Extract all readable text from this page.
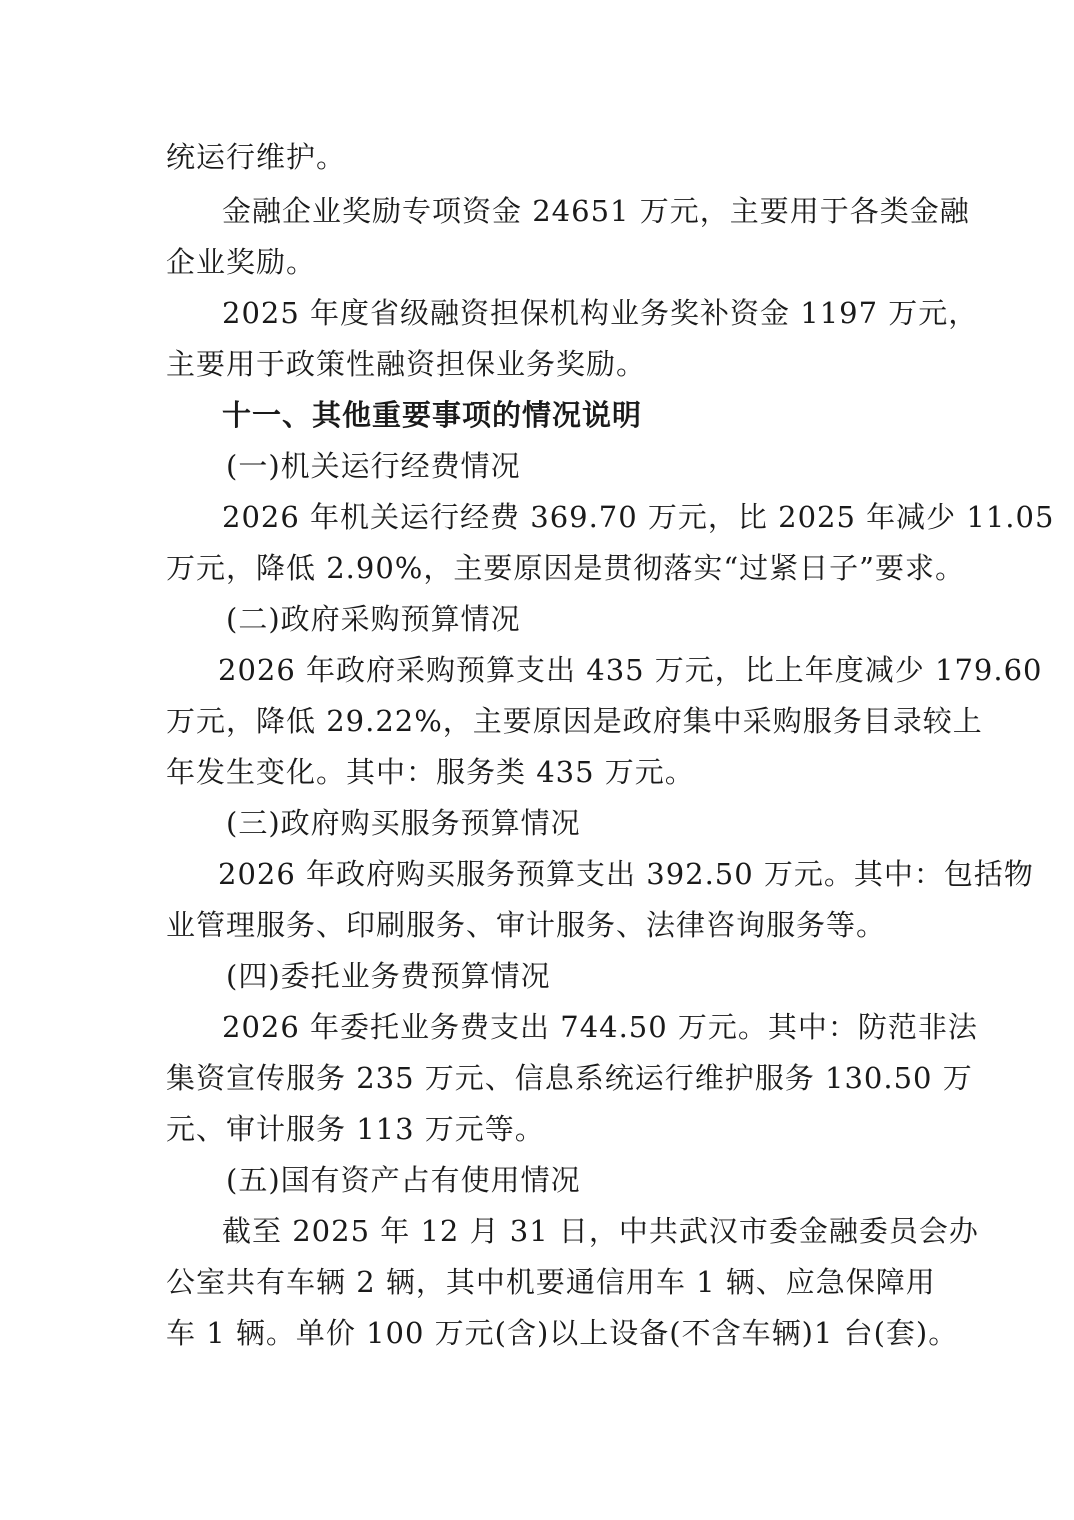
统运行维护。
金融企业奖励专项资金 24651 万元，主要用于各类金融
企业奖励。
2025 年度省级融资担保机构业务奖补资金 1197 万元，
主要用于政策性融资担保业务奖励。
十一、其他重要事项的情况说明
(一)机关运行经费情况
2026 年机关运行经费 369.70 万元，比 2025 年减少 11.05
万元，降低 2.90%，主要原因是贯彻落实“过紧日子”要求。
(二)政府采购预算情况
2026 年政府采购预算支出 435 万元，比上年度减少 179.60
万元，降低 29.22%，主要原因是政府集中采购服务目录较上
年发生变化。其中：服务类 435 万元。
(三)政府购买服务预算情况
2026 年政府购买服务预算支出 392.50 万元。其中：包括物
业管理服务、印刷服务、审计服务、法律咨询服务等。
(四)委托业务费预算情况
2026 年委托业务费支出 744.50 万元。其中：防范非法
集资宣传服务 235 万元、信息系统运行维护服务 130.50 万
元、审计服务 113 万元等。
(五)国有资产占有使用情况
截至 2025 年 12 月 31 日，中共武汉市委金融委员会办
公室共有车辆 2 辆，其中机要通信用车 1 辆、应急保障用
车 1 辆。单价 100 万元(含)以上设备(不含车辆)1 台(套)。
